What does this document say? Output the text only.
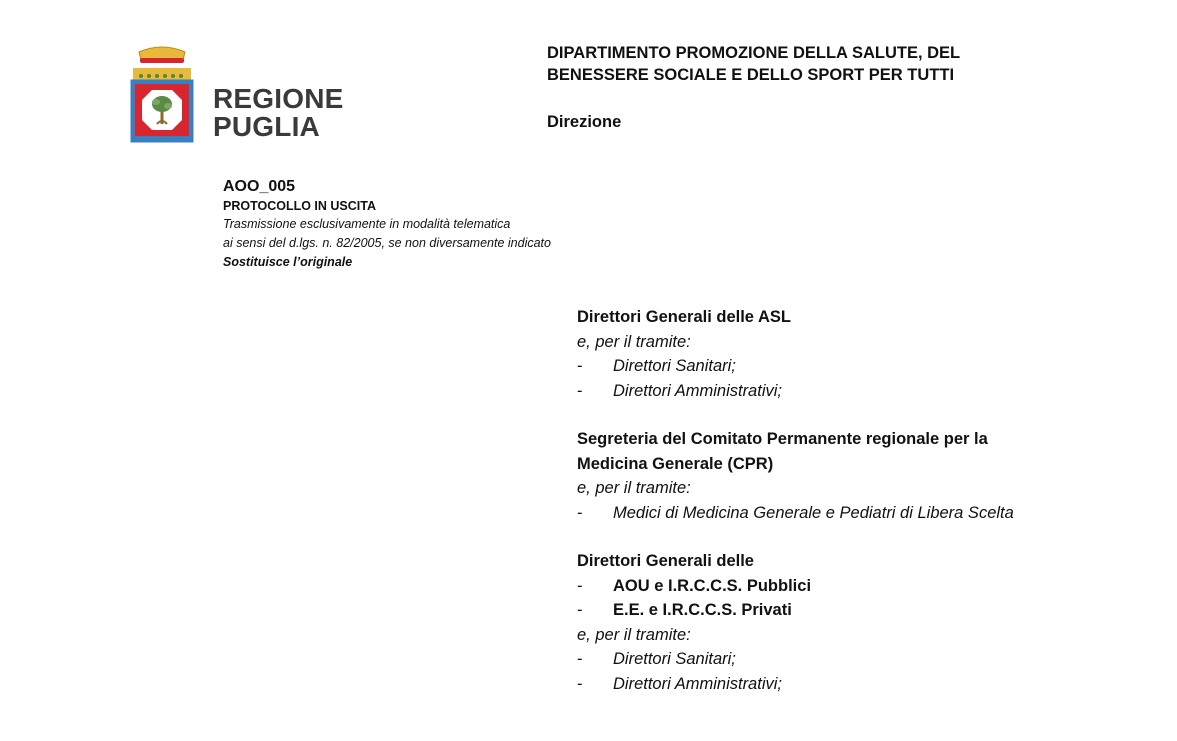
REGIONE
PUGLIA
DIPARTIMENTO PROMOZIONE DELLA SALUTE, DEL
BENESSERE SOCIALE E DELLO SPORT PER TUTTI
Direzione
AOO_005
PROTOCOLLO IN USCITA
Trasmissione esclusivamente in modalità telematica
ai sensi del d.lgs. n. 82/2005, se non diversamente indicato
Sostituisce l’originale
Direttori Generali delle ASL
e, per il tramite:
-	Direttori Sanitari;
-	Direttori Amministrativi;
Segreteria del Comitato Permanente regionale per la Medicina Generale (CPR)
e, per il tramite:
-	Medici di Medicina Generale e Pediatri di Libera Scelta
Direttori Generali delle
-	AOU e I.R.C.C.S. Pubblici
-	E.E. e I.R.C.C.S. Privati
e, per il tramite:
-	Direttori Sanitari;
-	Direttori Amministrativi;
